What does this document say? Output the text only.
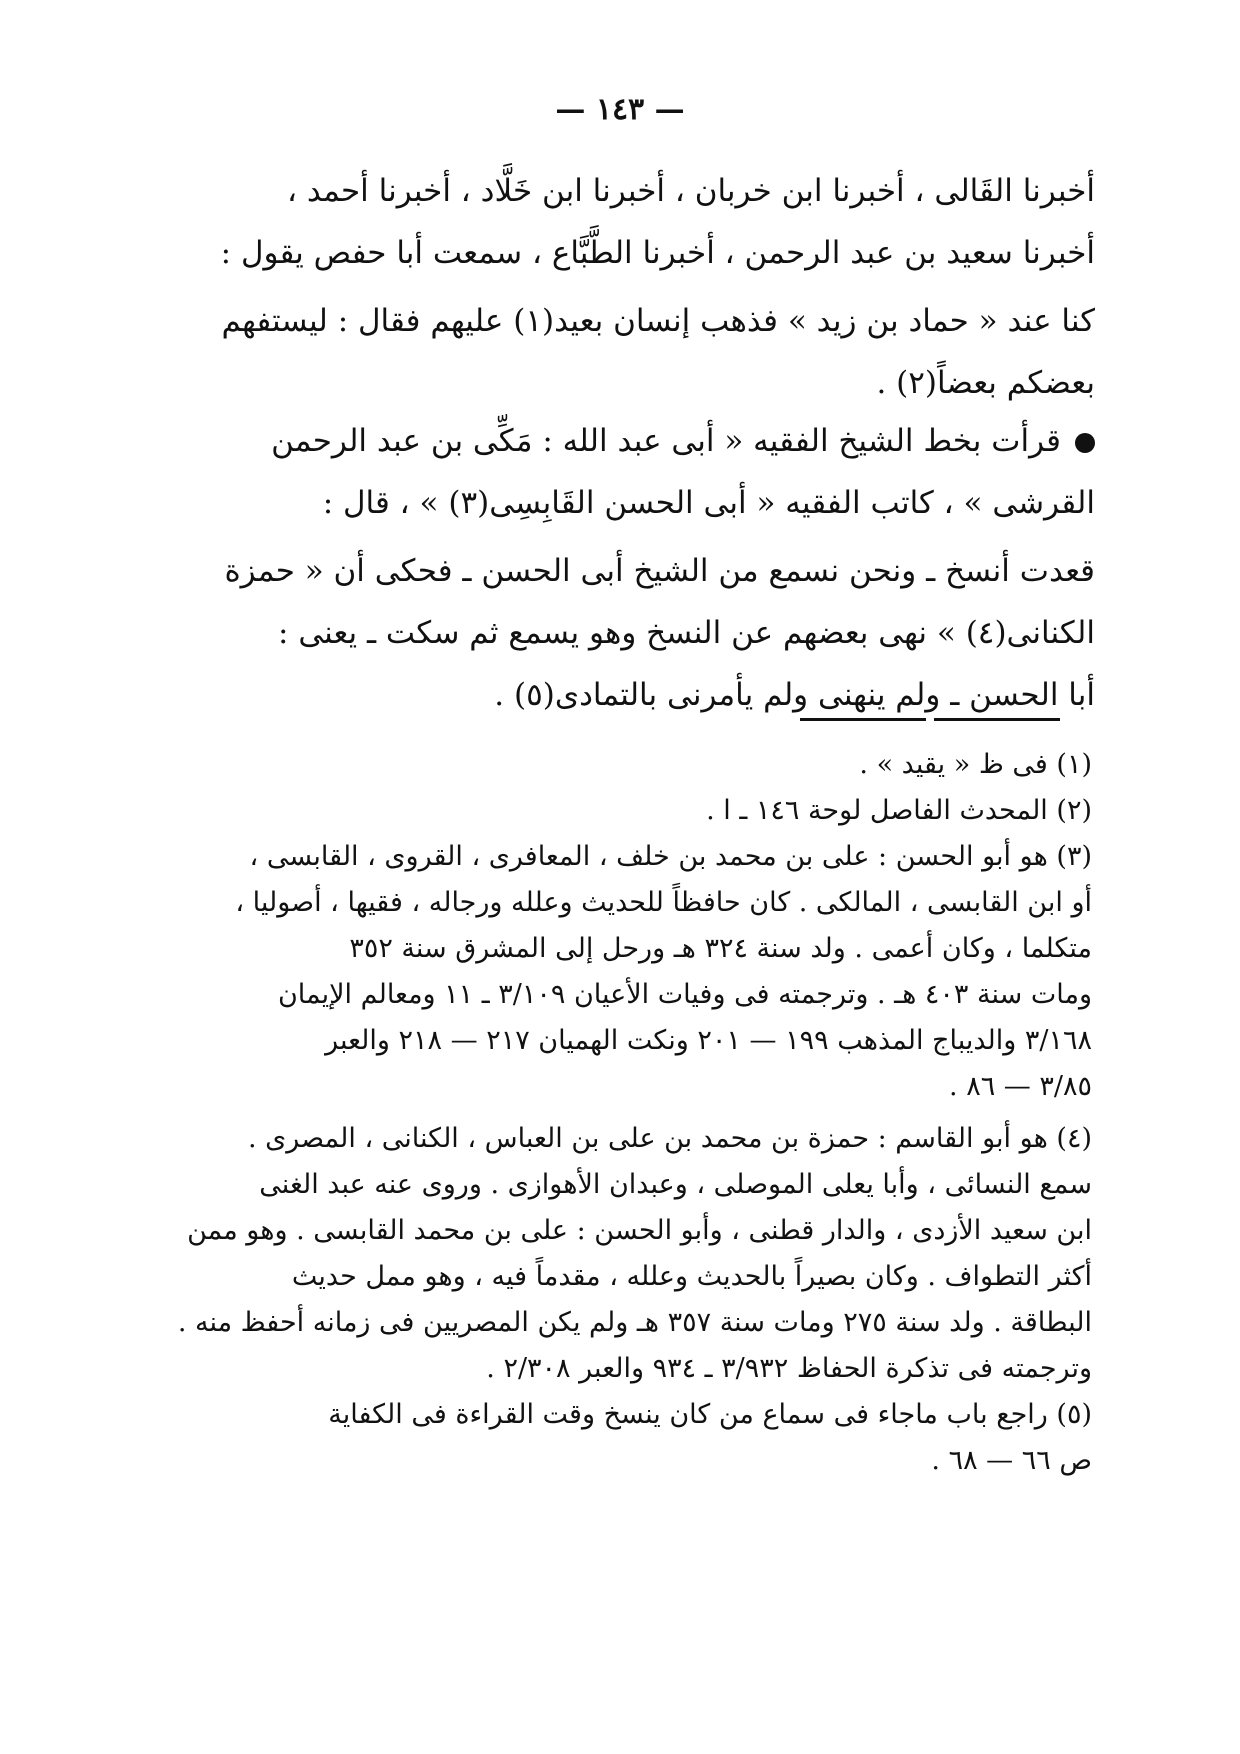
— ١٤٣ —
أخبرنا القَالى ، أخبرنا ابن خربان ، أخبرنا ابن خَلَّاد ، أخبرنا أحمد ،
أخبرنا سعيد بن عبد الرحمن ، أخبرنا الطَّبَّاع ، سمعت أبا حفص يقول :
كنا عند « حماد بن زيد » فذهب إنسان بعيد(١) عليهم فقال : ليستفهم
بعضكم بعضاً(٢) .
قرأت بخط الشيخ الفقيه « أبى عبد الله : مَكِّى بن عبد الرحمن
القرشى » ، كاتب الفقيه « أبى الحسن القَابِسِى(٣) » ، قال :
قعدت أنسخ ـ ونحن نسمع من الشيخ أبى الحسن ـ فحكى أن « حمزة
الكنانى(٤) » نهى بعضهم عن النسخ وهو يسمع ثم سكت ـ يعنى :
أبا الحسن ـ ولم ينهنى ولم يأمرنى بالتمادى(٥) .
(١) فى ظ « يقيد » .
(٢) المحدث الفاصل لوحة ١٤٦ ـ ا .
(٣) هو أبو الحسن : على بن محمد بن خلف ، المعافرى ، القروى ، القابسى ،
أو ابن القابسى ، المالكى . كان حافظاً للحديث وعلله ورجاله ، فقيها ، أصوليا ،
متكلما ، وكان أعمى . ولد سنة ٣٢٤ هـ ورحل إلى المشرق سنة ٣٥٢
ومات سنة ٤٠٣ هـ . وترجمته فى وفيات الأعيان ٣/١٠٩ ـ ١١ ومعالم الإيمان
٣/١٦٨ والديباج المذهب ١٩٩ — ٢٠١ ونكت الهميان ٢١٧ — ٢١٨ والعبر
٣/٨٥ — ٨٦ .
(٤) هو أبو القاسم : حمزة بن محمد بن على بن العباس ، الكنانى ، المصرى .
سمع النسائى ، وأبا يعلى الموصلى ، وعبدان الأهوازى . وروى عنه عبد الغنى
ابن سعيد الأزدى ، والدار قطنى ، وأبو الحسن : على بن محمد القابسى . وهو ممن
أكثر التطواف . وكان بصيراً بالحديث وعلله ، مقدماً فيه ، وهو ممل حديث
البطاقة . ولد سنة ٢٧٥ ومات سنة ٣٥٧ هـ ولم يكن المصريين فى زمانه أحفظ منه .
وترجمته فى تذكرة الحفاظ ٣/٩٣٢ ـ ٩٣٤ والعبر ٢/٣٠٨ .
(٥) راجع باب ماجاء فى سماع من كان ينسخ وقت القراءة فى الكفاية
ص ٦٦ — ٦٨ .
